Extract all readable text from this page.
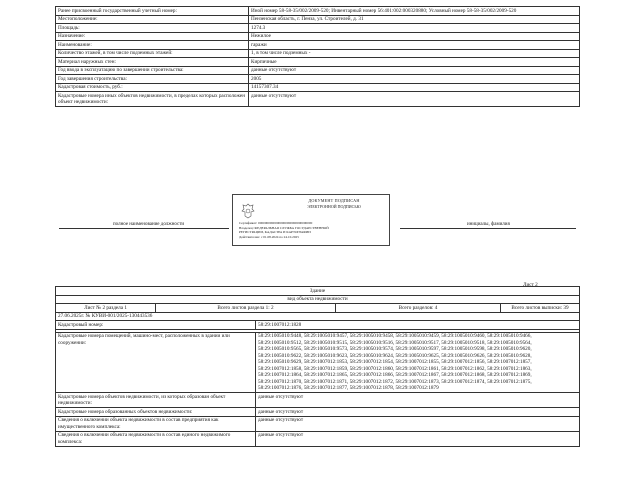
Ранее присвоенный государственный учетный номер:	Иной номер 58-58-35/002/2009-520; Инвентарный номер 56:401:002:000320880; Условный номер 58-58-35/002/2009-520
Местоположение:	Пензенская область, г. Пенза, ул. Строителей, д. 31
Площадь:	1274.3
Назначение:	Нежилое
Наименование:	гаражи
Количество этажей, в том числе подземных этажей:	1, в том числе подземных -
Материал наружных стен:	Кирпичные
Год ввода в эксплуатацию по завершении строительства:	данные отсутствуют
Год завершения строительства:	2005
Кадастровая стоимость, руб.:	14157307.34
Кадастровые номера иных объектов недвижимости, в пределах которых расположен объект недвижимости:	данные отсутствуют
полное наименование должности	инициалы, фамилия
ДОКУМЕНТ ПОДПИСАН
ЭЛЕКТРОННОЙ ПОДПИСЬЮ
Сертификат: 00000000000000000000000000000000
Владелец: ФЕДЕРАЛЬНАЯ СЛУЖБА ГОСУДАРСТВЕННОЙ
РЕГИСТРАЦИИ, КАДАСТРА И КАРТОГРАФИИ
Действителен: с 01.08.2024 по 24.10.2025
Лист 2
Здание				
вид объекта недвижимости				
Лист № 2 раздела 1	Всего листов раздела 1: 2		Всего разделов: 4	Всего листов выписки: 39
27.06.2025г. № КУВИ-001/2025-130443536				
Кадастровый номер:		58:29:1007012:1828		

Кадастровые номера помещений, машино-мест, расположенных в здании или сооружении:		58:29:1005010:9448, 58:29:1005010:9457, 58:29:1005010:9458, 58:29:1005010:9459, 58:29:1005010:9460, 58:29:1005010:9466, 58:29:1005010:9512, 58:29:1005010:9515, 58:29:1005010:9516, 58:29:1005010:9517, 58:29:1005010:9518, 58:29:1005010:9564, 58:29:1005010:9565, 58:29:1005010:9573, 58:29:1005010:9574, 58:29:1005010:9597, 58:29:1005010:9598, 58:29:1005010:9620, 58:29:1005010:9622, 58:29:1005010:9623, 58:29:1005010:9624, 58:29:1005010:9625, 58:29:1005010:9626, 58:29:1005010:9628, 58:29:1005010:9629, 58:29:1007012:1853, 58:29:1007012:1854, 58:29:1007012:1855, 58:29:1007012:1856, 58:29:1007012:1857, 58:29:1007012:1858, 58:29:1007012:1859, 58:29:1007012:1860, 58:29:1007012:1861, 58:29:1007012:1862, 58:29:1007012:1863, 58:29:1007012:1864, 58:29:1007012:1865, 58:29:1007012:1866, 58:29:1007012:1867, 58:29:1007012:1868, 58:29:1007012:1869, 58:29:1007012:1870, 58:29:1007012:1871, 58:29:1007012:1872, 58:29:1007012:1873, 58:29:1007012:1874, 58:29:1007012:1875, 58:29:1007012:1876, 58:29:1007012:1877, 58:29:1007012:1878, 58:29:1007012:1879		
Кадастровые номера объектов недвижимости, из которых образован объект недвижимости:		данные отсутствуют		
Кадастровые номера образованных объектов недвижимости:		данные отсутствуют		
Сведения о включении объекта недвижимости в состав предприятия как имущественного комплекса:		данные отсутствуют		
Сведения о включении объекта недвижимости в состав единого недвижимого комплекса:		данные отсутствуют		
